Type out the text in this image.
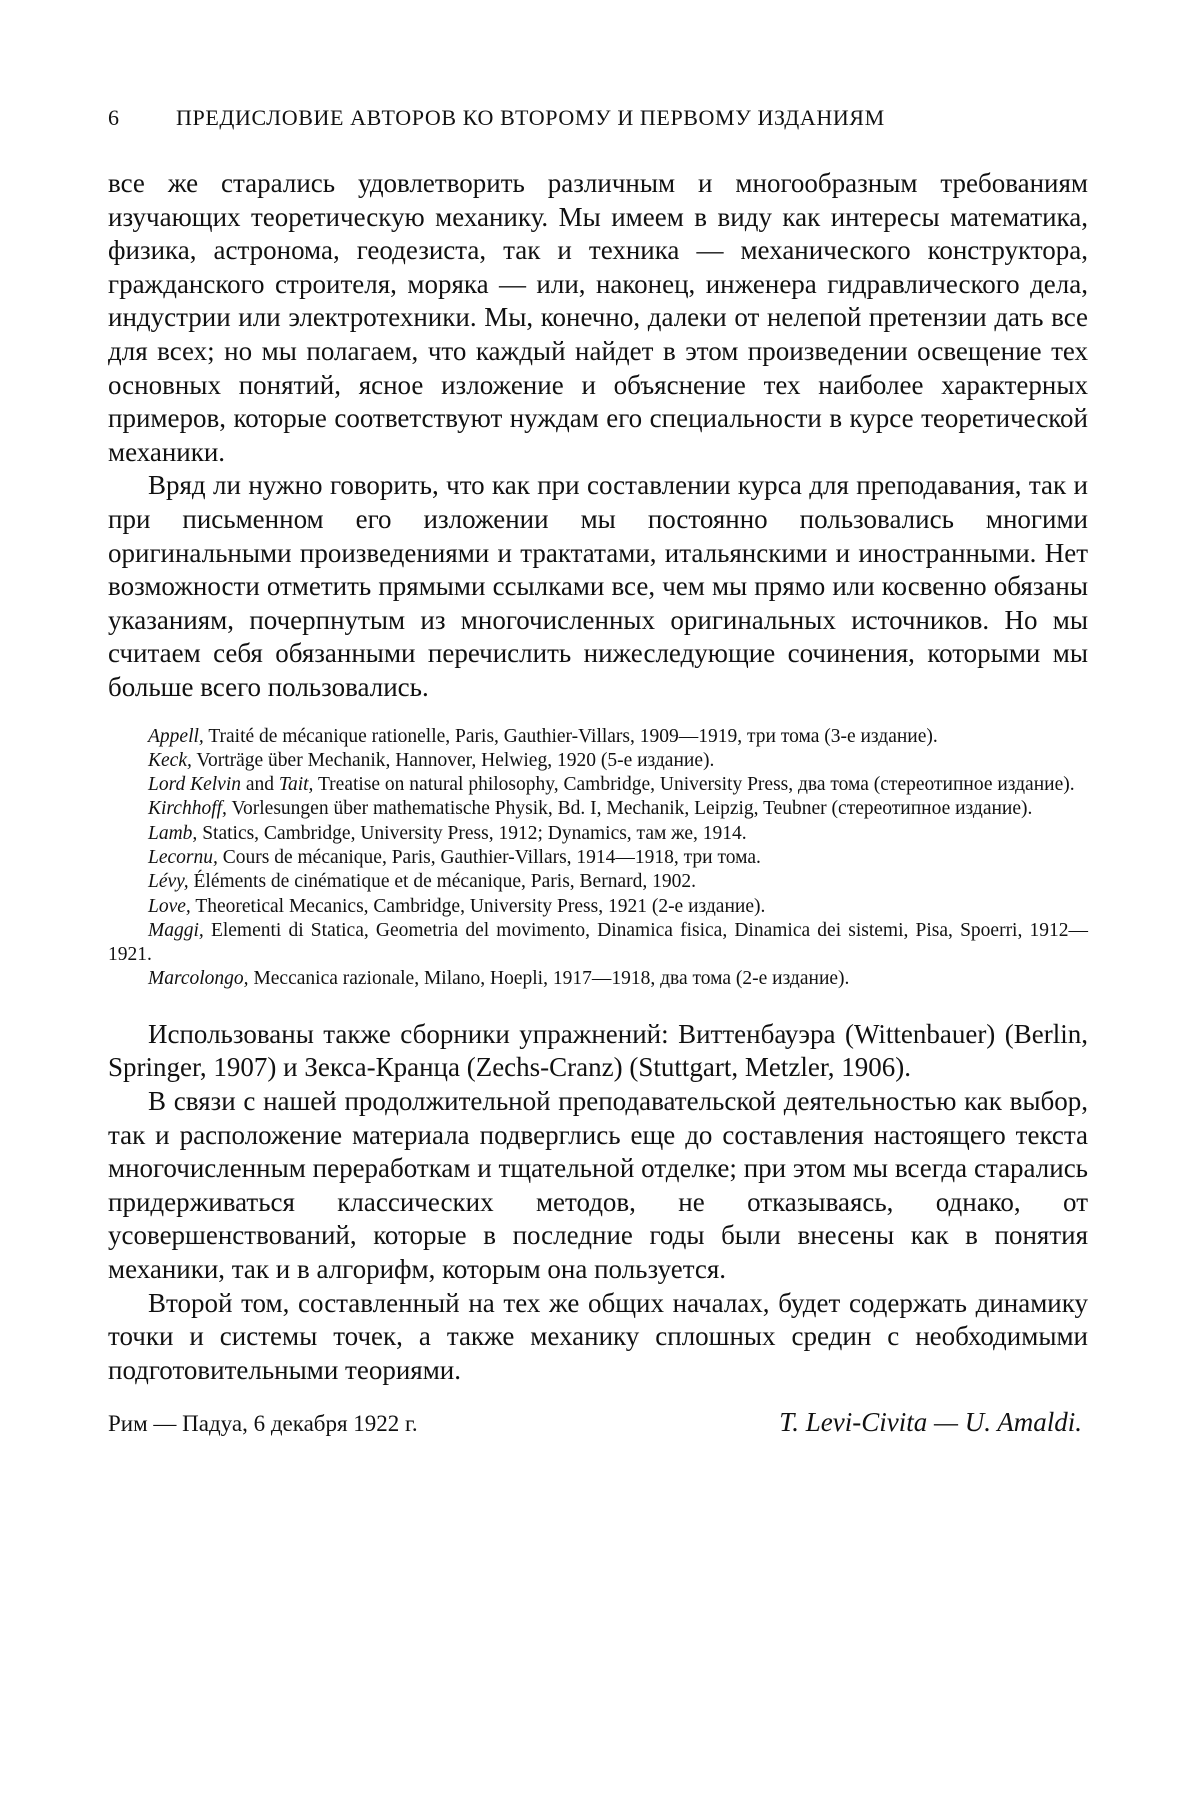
6	ПРЕДИСЛОВИЕ АВТОРОВ КО ВТОРОМУ И ПЕРВОМУ ИЗДАНИЯМ

все же старались удовлетворить различным и многообразным требованиям изучающих теоретическую механику. Мы имеем в виду как интересы математика, физика, астронома, геодезиста, так и техника — механического конструктора, гражданского строителя, моряка — или, наконец, инженера гидравлического дела, индустрии или электротехники. Мы, конечно, далеки от нелепой претензии дать все для всех; но мы полагаем, что каждый найдет в этом произведении освещение тех основных понятий, ясное изложение и объяснение тех наиболее характерных примеров, которые соответствуют нуждам его специальности в курсе теоретической механики.

Вряд ли нужно говорить, что как при составлении курса для преподавания, так и при письменном его изложении мы постоянно пользовались многими оригинальными произведениями и трактатами, итальянскими и иностранными. Нет возможности отметить прямыми ссылками все, чем мы прямо или косвенно обязаны указаниям, почерпнутым из многочисленных оригинальных источников. Но мы считаем себя обязанными перечислить нижеследующие сочинения, которыми мы больше всего пользовались.

Appell, Traité de mécanique rationelle, Paris, Gauthier-Villars, 1909—1919, три тома (3-е издание).

Keck, Vorträge über Mechanik, Hannover, Helwieg, 1920 (5-е издание).

Lord Kelvin and Tait, Treatise on natural philosophy, Cambridge, University Press, два тома (стереотипное издание).

Kirchhoff, Vorlesungen über mathematische Physik, Bd. I, Mechanik, Leipzig, Teubner (стереотипное издание).

Lamb, Statics, Cambridge, University Press, 1912; Dynamics, там же, 1914.

Lecornu, Cours de mécanique, Paris, Gauthier-Villars, 1914—1918, три тома.

Lévy, Éléments de cinématique et de mécanique, Paris, Bernard, 1902.

Love, Theoretical Mecanics, Cambridge, University Press, 1921 (2-е издание).

Maggi, Elementi di Statica, Geometria del movimento, Dinamica fisica, Dinamica dei sistemi, Pisa, Spoerri, 1912—1921.

Marcolongo, Meccanica razionale, Milano, Hoepli, 1917—1918, два тома (2-е издание).

Использованы также сборники упражнений: Виттенбауэра (Wittenbauer) (Berlin, Springer, 1907) и Зекса-Кранца (Zechs-Cranz) (Stuttgart, Metzler, 1906).

В связи с нашей продолжительной преподавательской деятельностью как выбор, так и расположение материала подверглись еще до составления настоящего текста многочисленным переработкам и тщательной отделке; при этом мы всегда старались придерживаться классических методов, не отказываясь, однако, от усовершенствований, которые в последние годы были внесены как в понятия механики, так и в алгорифм, которым она пользуется.

Второй том, составленный на тех же общих началах, будет содержать динамику точки и системы точек, а также механику сплошных средин с необходимыми подготовительными теориями.

Рим — Падуа, 6 декабря 1922 г.	T. Levi-Civita — U. Amaldi.
